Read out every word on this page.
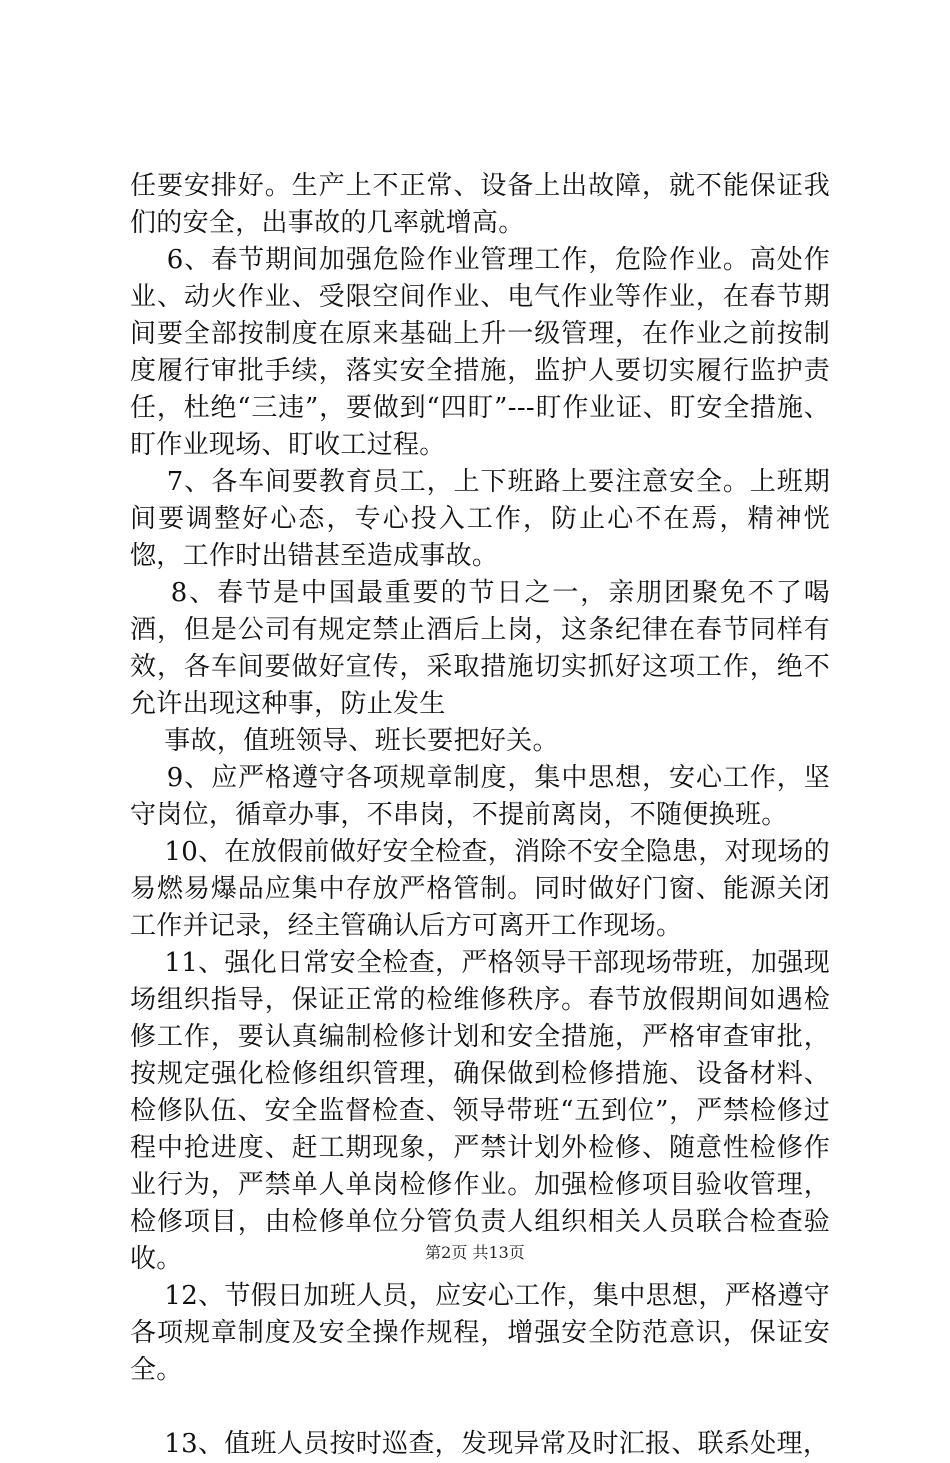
任要安排好。生产上不正常、设备上出故障，就不能保证我们的安全，出事故的几率就增高。

6、春节期间加强危险作业管理工作，危险作业。高处作业、动火作业、受限空间作业、电气作业等作业，在春节期间要全部按制度在原来基础上升一级管理，在作业之前按制度履行审批手续，落实安全措施，监护人要切实履行监护责任，杜绝“三违”，要做到“四盯”---盯作业证、盯安全措施、盯作业现场、盯收工过程。

7、各车间要教育员工，上下班路上要注意安全。上班期间要调整好心态，专心投入工作，防止心不在焉，精神恍惚，工作时出错甚至造成事故。

8、春节是中国最重要的节日之一，亲朋团聚免不了喝酒，但是公司有规定禁止酒后上岗，这条纪律在春节同样有效，各车间要做好宣传，采取措施切实抓好这项工作，绝不允许出现这种事，防止发生

事故，值班领导、班长要把好关。

9、应严格遵守各项规章制度，集中思想，安心工作，坚守岗位，循章办事，不串岗，不提前离岗，不随便换班。

10、在放假前做好安全检查，消除不安全隐患，对现场的易燃易爆品应集中存放严格管制。同时做好门窗、能源关闭工作并记录，经主管确认后方可离开工作现场。

11、强化日常安全检查，严格领导干部现场带班，加强现场组织指导，保证正常的检维修秩序。春节放假期间如遇检修工作，要认真编制检修计划和安全措施，严格审查审批，按规定强化检修组织管理，确保做到检修措施、设备材料、检修队伍、安全监督检查、领导带班“五到位”，严禁检修过程中抢进度、赶工期现象，严禁计划外检修、随意性检修作业行为，严禁单人单岗检修作业。加强检修项目验收管理，检修项目，由检修单位分管负责人组织相关人员联合检查验收。

12、节假日加班人员，应安心工作，集中思想，严格遵守各项规章制度及安全操作规程，增强安全防范意识，保证安全。

13、值班人员按时巡查，发现异常及时汇报、联系处理，

第2页 共13页
